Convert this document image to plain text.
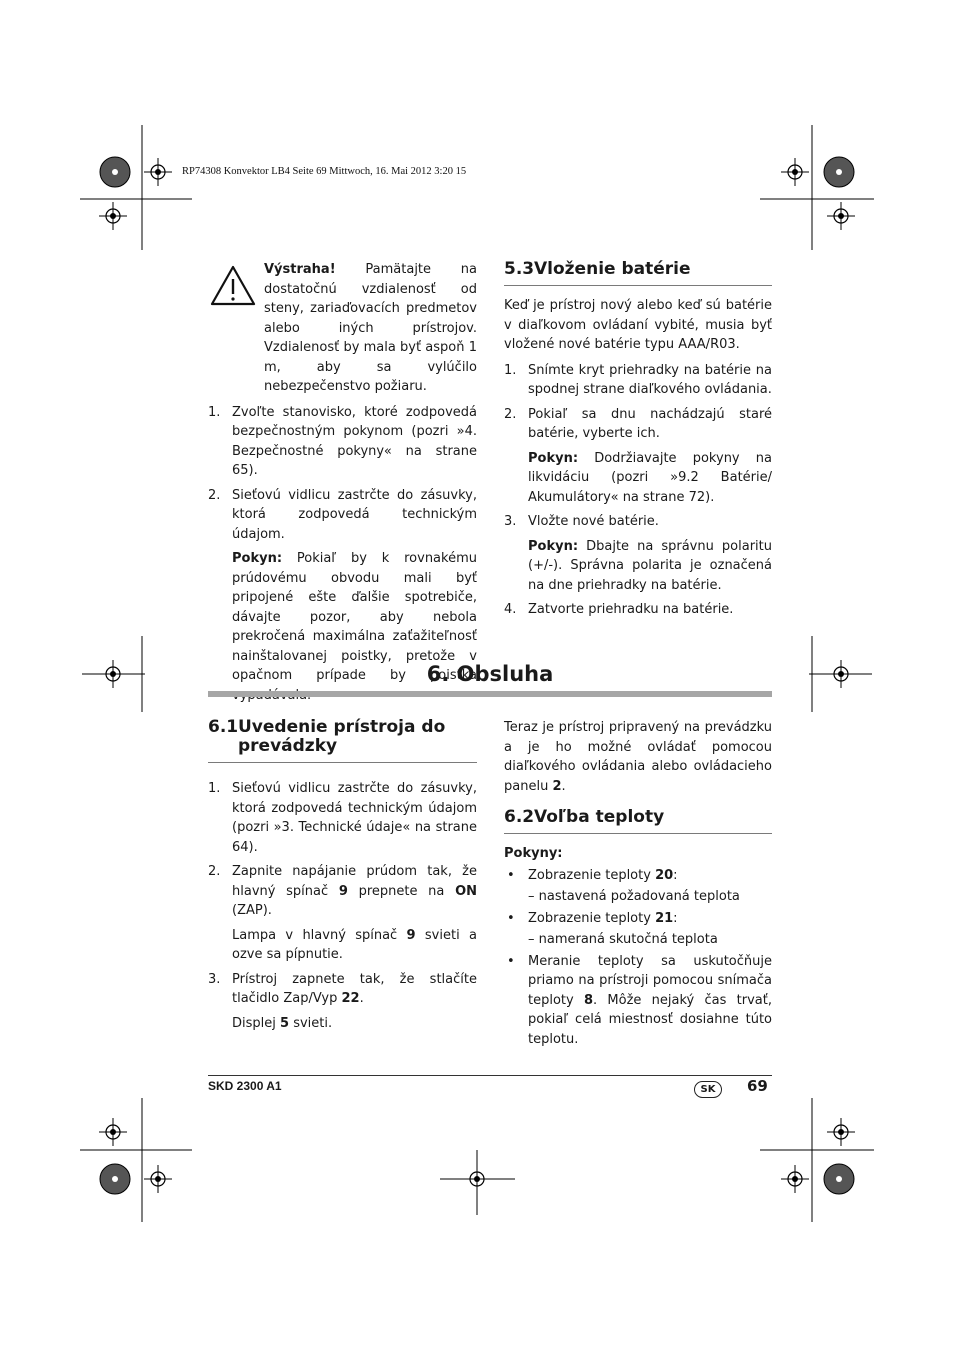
RP74308 Konvektor LB4 Seite 69 Mittwoch, 16. Mai 2012 3:20 15

Výstraha! Pamätajte na dostatočnú vzdialenosť od steny, zariaďovacích predmetov alebo iných prístrojov. Vzdialenosť by mala byť aspoň 1 m, aby sa vylúčilo nebezpečenstvo požiaru.

1. Zvoľte stanovisko, ktoré zodpovedá bezpečnostným pokynom (pozri »4. Bezpečnostné pokyny« na strane 65).
2. Sieťovú vidlicu zastrčte do zásuvky, ktorá zodpovedá technickým údajom.

Pokyn: Pokiaľ by k rovnakému prúdovému obvodu mali byť pripojené ešte ďalšie spotrebiče, dávajte pozor, aby nebola prekročená maximálna zaťažiteľnosť nainštalovanej poistky, pretože v opačnom prípade by poistka

5.3Vloženie batérie

Keď je prístroj nový alebo keď sú batérie v diaľkovom ovládaní vybité, musia byť vložené nové batérie typu AAA/R03.

1. Snímte kryt priehradky na batérie na spodnej strane diaľkového ovládania.
2. Pokiaľ sa dnu nachádzajú staré batérie, vyberte ich.

Pokyn: Dodržiavajte pokyny na likvidáciu (pozri »9.2 Batérie/ Akumulátory« na strane 72).

3. Vložte nové batérie.

Pokyn: Dbajte na správnu polaritu (+/-). Správna polarita je označená na dne priehradky na batérie.

4. Zatvorte priehradku na batérie.
6. Obsluha
6.1Uvedenie prístroja do prevádzky
1. Sieťovú vidlicu zastrčte do zásuvky, ktorá zodpovedá technickým údajom (pozri »3. Technické údaje« na strane 64).
2. Zapnite napájanie prúdom tak, že hlavný spínač 9 prepnete na ON (ZAP).

Lampa v hlavný spínač 9 svieti a ozve sa pípnutie.

3. Prístroj zapnete tak, že stlačíte tlačidlo Zap/Vyp 22.

Displej 5 svieti.

Teraz je prístroj pripravený na prevádzku a je ho možné ovládať pomocou diaľkového ovládania alebo ovládacieho panelu 2.

6.2Voľba teploty

Pokyny:

• Zobrazenie teploty 20:
– nastavená požadovaná teplota
• Zobrazenie teploty 21:
– nameraná skutočná teplota
• Meranie teploty sa uskutočňuje priamo na prístroji pomocou snímača teploty 8. Môže nejaký čas trvať, pokiaľ celá miestnosť dosiahne túto teplotu.
SKD 2300 A1	SK	69
